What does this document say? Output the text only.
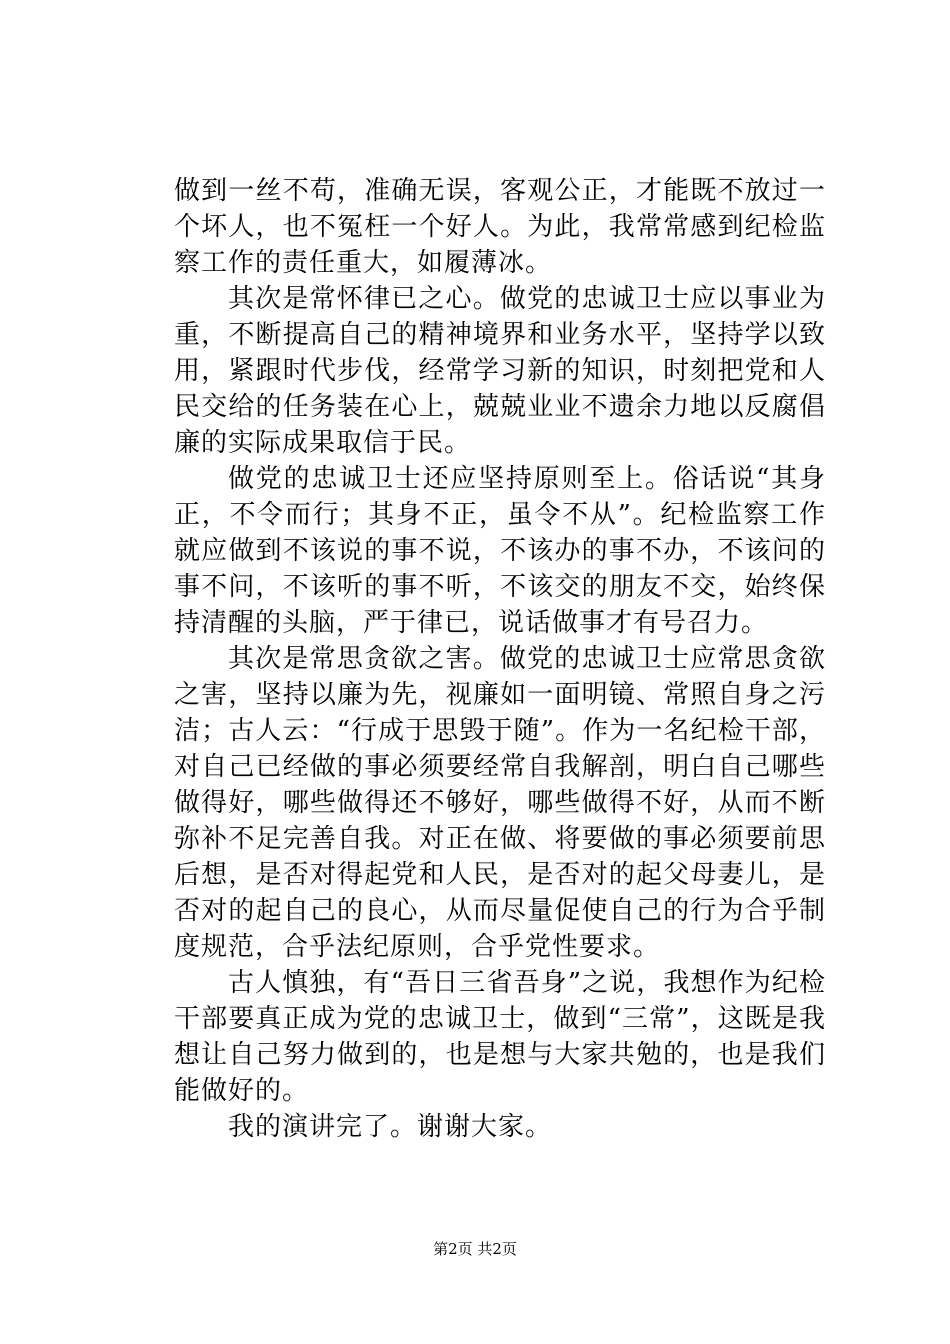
做到一丝不苟，准确无误，客观公正，才能既不放过一个坏人，也不冤枉一个好人。为此，我常常感到纪检监察工作的责任重大，如履薄冰。

其次是常怀律已之心。做党的忠诚卫士应以事业为重，不断提高自己的精神境界和业务水平，坚持学以致用，紧跟时代步伐，经常学习新的知识，时刻把党和人民交给的任务装在心上，兢兢业业不遗余力地以反腐倡廉的实际成果取信于民。

做党的忠诚卫士还应坚持原则至上。俗话说“其身正，不令而行；其身不正，虽令不从”。纪检监察工作就应做到不该说的事不说，不该办的事不办，不该问的事不问，不该听的事不听，不该交的朋友不交，始终保持清醒的头脑，严于律已，说话做事才有号召力。

其次是常思贪欲之害。做党的忠诚卫士应常思贪欲之害，坚持以廉为先，视廉如一面明镜、常照自身之污洁；古人云：“行成于思毁于随”。作为一名纪检干部，对自己已经做的事必须要经常自我解剖，明白自己哪些做得好，哪些做得还不够好，哪些做得不好，从而不断弥补不足完善自我。对正在做、将要做的事必须要前思后想，是否对得起党和人民，是否对的起父母妻儿，是否对的起自己的良心，从而尽量促使自己的行为合乎制度规范，合乎法纪原则，合乎党性要求。

古人慎独，有“吾日三省吾身”之说，我想作为纪检干部要真正成为党的忠诚卫士，做到“三常”，这既是我想让自己努力做到的，也是想与大家共勉的，也是我们能做好的。

我的演讲完了。谢谢大家。

第2页 共2页
